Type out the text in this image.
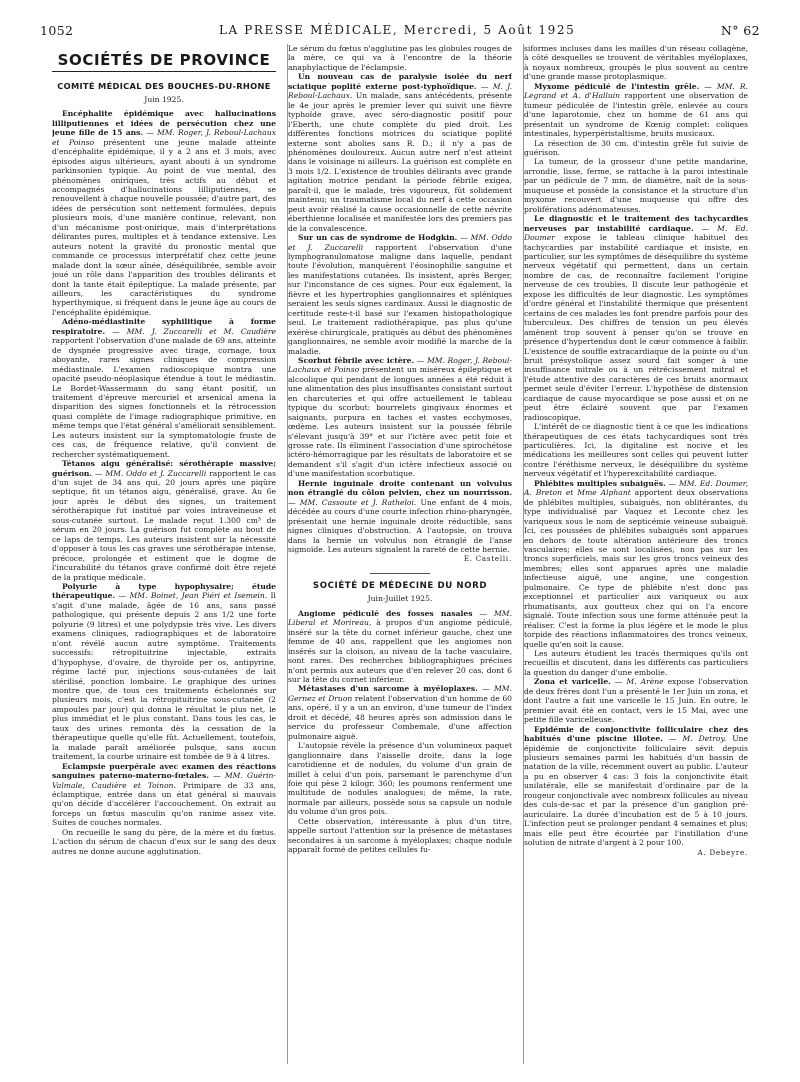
1052	LA PRESSE MÉDICALE, Mercredi, 5 Août 1925	N° 62
SOCIÉTÉS DE PROVINCE
COMITÉ MÉDICAL DES BOUCHES-DU-RHONE
Juin 1925.

Encéphalite épidémique avec hallucinations lilliputiennes et idées de persécution chez une jeune fille de 15 ans. — MM. Roger, J. Reboul-Lachaux et Poinso présentent une jeune malade atteinte d'encéphalite épidémique, il y a 2 ans et 3 mois, avec épisodes aigus ultérieurs, ayant abouti à un syndrome parkinsonien typique. Au point de vue mental, des phénomènes oniriques, très actifs au début et accompagnés d'hallucinations lilliputiennes, se renouvellent à chaque nouvelle poussée; d'autre part, des idées de persécution sont nettement formulées, depuis plusieurs mois, d'une manière continue, relevant, non d'un mécanisme post-onirique, mais d'interprétations délirantes pures, multiples et à tendance extensive. Les auteurs notent la gravité du pronostic mental que commande ce processus interprétatif chez cette jeune malade dont la sœur aînée, déséquilibrée, semble avoir joué un rôle dans l'apparition des troubles délirants et dont la tante était épileptique. La malade présente, par ailleurs, les caractéristiques du syndrome hyperthymique, si fréquent dans le jeune âge au cours de l'encéphalite épidémique.

Adéno-médiastinite syphilitique à forme respiratoire. — MM. J. Zuccarelli et M. Caudière rapportent l'observation d'une malade de 69 ans, atteinte de dyspnée progressive avec tirage, cornage, toux aboyante, rares signes cliniques de compression médiastinale. L'examen radioscopique montra une opacité pseudo-néoplasique étendue à tout le médiastin. Le Bordet-Wassermann du sang étant positif, un traitement d'épreuve mercuriel et arsenical amena la disparition des signes fonctionnels et la rétrocession quasi complète de l'image radiographique primitive, en même temps que l'état général s'améliorait sensiblement. Les auteurs insistent sur la symptomatologie fruste de ces cas, de fréquence relative, qu'il convient de rechercher systématiquement.

Tétanos aigu généralisé: sérothérapie massive; guérison. — MM. Oddo et J. Zuccarelli rapportent le cas d'un sujet de 34 ans qui, 20 jours après une piqûre septique, fit un tétanos aigu, généralisé, grave. Au 6e jour après le début des signes, un traitement sérothérapique fut institué par voies intraveineuse et sous-cutanée surtout. Le malade reçut 1.300 cm³ de sérum en 20 jours. La guérison fut complète au bout de ce laps de temps. Les auteurs insistent sur la nécessité d'opposer à tous les cas graves une sérothérapie intense, précoce, prolongée et estiment que le dogme de l'incurabilité du tétanos grave confirmé doit être rejeté de la pratique médicale.

Polyurie à type hypophysaire; étude thérapeutique. — MM. Boinet, Jean Piéri et Isemein. Il s'agit d'une malade, âgée de 16 ans, sans passé pathologique, qui présente depuis 2 ans 1/2 une forte polyurie (9 litres) et une polydypsie très vive. Les divers examens cliniques, radiographiques et de laboratoire n'ont révélé aucun autre symptôme. Traitements successifs: rétropituitrine injectable, extraits d'hypophyse, d'ovaire, de thyroïde per os, antipyrine, régime lacté pur, injections sous-cutanées de lait stérilisé, ponction lombaire. Le graphique des urines montre que, de tous ces traitements échelonnés sur plusieurs mois, c'est la rétropituitrine sous-cutanée (2 ampoules par jour) qui donna le résultat le plus net, le plus immédiat et le plus constant. Dans tous les cas, le taux des urines remonta dès la cessation de la thérapeutique quelle qu'elle fût. Actuellement, toutefois, la malade paraît améliorée pulsque, sans aucun traitement, la courbe urinaire est tombée de 9 à 4 litres.

Eclampsie puerpérale avec examen des réactions sanguines paterno-materno-fœtales. — MM. Guérin-Valmale, Caudière et Toinon. Primipare de 33 ans, éclamptique, entrée dans un état général si mauvais qu'on décide d'accélérer l'accouchement. On extrait au forceps un fœtus masculin qu'on ranime assez vite. Suites de couches normales.

On recueille le sang du père, de la mère et du fœtus. L'action du sérum de chacun d'eux sur le sang des deux autres ne donne aucune agglutination.

Le sérum du fœtus n'agglutine pas les globules rouges de la mère, ce qui va à l'encontre de la théorie anaphylactique de l'éclampsie.

Un nouveau cas de paralysie isolée du nerf sciatique poplité externe post-typhoïdique. — M. J. Reboul-Lachaux. Un malade, sans antécédents, présente le 4e jour après le premier lever qui suivit une fièvre typhoïde grave, avec séro-diagnostic positif pour l'Eberth, une chute complète du pied droit. Les différentes fonctions motrices du sciatique poplité externe sont abolies sans R. D.; il n'y a pas de phénomènes douloureux. Aucun autre nerf n'est atteint dans le voisinage ni ailleurs. La guérison est complète en 3 mois 1/2. L'existence de troubles délirants avec grande agitation motrice pendant la période fébrile exigea, paraît-il, que le malade, très vigoureux, fût solidement maintenu; un traumatisme local du nerf à cette occasion peut avoir réalisé la cause occasionnelle de cette névrite éberthienne localisée et manifestée lors des premiers pas de la convalescence.

Sur un cas de syndrome de Hodgkin. — MM. Oddo et J. Zuccarelli rapportent l'observation d'une lymphogranulomatose maligne dans laquelle, pendant toute l'évolution, manquèrent l'éosinophilie sanguine et les manifestations cutanées. Ils insistent, après Berger, sur l'inconstance de ces signes. Pour eux également, la fièvre et les hypertrophies ganglionnaires et spléniques seraient les seuls signes cardinaux. Aussi le diagnostic de certitude reste-t-il basé sur l'examen histopathologique seul. Le traitement radiothérapique, pas plus qu'une exérèse chirurgicale, pratiqués au début des phénomènes ganglionnaires, ne semble avoir modifié la marche de la maladie.

Scorbut fébrile avec ictère. — MM. Roger, J. Reboul-Lachaux et Poinso présentent un miséreux épileptique et alcoolique qui pendant de longues années a été réduit à une alimentation des plus insuffisantes consistant surtout en charcuteries et qui offre actuellement le tableau typique du scorbut: bourrelets gingivaux énormes et saignants, purpura en taches et vastes ecchymoses, œdème. Les auteurs insistent sur la poussée fébrile s'élevant jusqu'à 39° et sur l'ictère avec petit foie et grosse rate. Ils éliminent l'association d'une spirochétose ictéro-hémorragique par les résultats de laboratoire et se demandent s'il s'agit d'un ictère infectieux associé ou d'une manifestation scorbutique.

Hernie inguinale droite contenant un volvulus non étranglé du côlon pelvien, chez un nourrisson. — MM. Cassoute et J. Ratheloi. Une enfant de 4 mois, décédée au cours d'une courte infection rhino-pharyngée, présentait une hernie inguinale droite réductible, sans signes cliniques d'obstruction. A l'autopsie, on trouva dans la hernie un volvulus non étranglé de l'anse sigmoïde. Les auteurs signalent la rareté de cette hernie.

E. Castelli.
SOCIÉTÉ DE MÉDECINE DU NORD
Juin-Juillet 1925.

Angiome pédiculé des fosses nasales — MM. Liberal et Morireau, à propos d'un angiome pédiculé, inséré sur la tête du cornet inférieur gauche, chez une femme de 40 ans, rappellent que les angiomes non insérés sur la cloison, au niveau de la tache vasculaire, sont rares. Des recherches bibliographiques précises n'ont permis aux auteurs que d'en relever 20 cas, dont 6 sur la tête du cornet inférieur.

Métastases d'un sarcome à myéloplaxes. — MM. Gernez et Druon relatent l'observation d'un homme de 60 ans, opéré, il y a un an environ, d'une tumeur de l'index droit et décédé, 48 heures après son admission dans le service du professeur Combemale, d'une affection pulmonaire aiguë.

L'autopsie révèle la présence d'un volumineux paquet ganglionnaire dans l'aisselle droite, dans la loge carotidienne et de nodules, du volume d'un grain de millet à celui d'un pois, parsemant le parenchyme d'un foie qui pèse 2 kilogr. 360; les poumons renferment une multitude de nodules analogues; de même, la rate, normale par ailleurs, possède sous sa capsule un nodule du volume d'un gros pois.

Cette observation, intéressante à plus d'un titre, appelle surtout l'attention sur la présence de métastases secondaires à un sarcome à myéloplaxes; chaque nodule apparaît formé de petites cellules fu-

siformes incluses dans les mailles d'un réseau collagène, à côté desquelles se trouvent de véritables myéloplaxes, à noyaux nombreux, groupés le plus souvent au centre d'une grande masse protoplasmique.

Myxome pédiculé de l'intestin grêle. — MM. R. Legrand et A. d'Halluin rapportent une observation de tumeur pédiculée de l'intestin grêle, enlevée au cours d'une laparotomie, chez un homme de 61 ans qui présentait un syndrome de Kœnig complet: coliques intestinales, hyperpéristaltisme, bruits musicaux.

La résection de 30 cm. d'intestin grêle fut suivie de guérison.

La tumeur, de la grosseur d'une petite mandarine, arrondie, lisse, ferme, se rattache à la paroi intestinale par un pédicule de 7 mm. de diamètre, naît de la sous-muqueuse et possède la consistance et la structure d'un myxome recouvert d'une muqueuse qui offre des proliférations adénomateuses.

Le diagnostic et le traitement des tachycardies nerveuses par instabilité cardiaque. — M. Ed. Doumer expose le tableau clinique habituel des tachycardies par instabilité cardiaque et insiste, en particulier, sur les symptômes de déséquilibre du système nerveux végétatif qui permettent, dans un certain nombre de cas, de reconnaître facilement l'origine nerveuse de ces troubles. Il discute leur pathogénie et expose les difficultés de leur diagnostic. Les symptômes d'ordre général et l'instabilité thermique que présentent certains de ces malades les font prendre parfois pour des tuberculeux. Des chiffres de tension un peu élevés amènent trop souvent à penser qu'on se trouve en présence d'hypertendus dont le cœur commence à faiblir. L'existence de souffle extracardiaque de la pointe ou d'un bruit présystolique assez sourd fait songer à une insuffisance mitrale ou à un rétrécissement mitral et l'étude attentive des caractères de ces bruits anormaux permet seule d'éviter l'erreur. L'hypothèse de distension cardiaque de cause myocardique se pose aussi et on ne peut être éclairé souvent que par l'examen radioscopique.

L'intérêt de ce diagnostic tient à ce que les indications thérapeutiques de ces états tachycardiques sont très particulières. Ici, la digitaline est nocive et les médications les meilleures sont celles qui peuvent lutter contre l'éréthisme nerveux, le déséquilibre du système nerveux végétatif et l'hyperexcitabilité cardiaque.

Phlébites multiples subaiguës. — MM. Ed. Doumer, A. Breton et Mme Alphant apportent deux observations de phlébites multiples, subaiguës, non oblitérantes, du type individualisé par Vaquez et Leconte chez les variqueux sous le nom de septicémie veineuse subaiguë. Ici, ces poussées de phlébites subaiguës sont apparues en dehors de toute altération antérieure des troncs vasculaires; elles se sont localisées, non pas sur les troncs superficiels, mais sur les gros troncs veineux des membres; elles sont apparues après une maladie infectieuse aiguë, une angine, une congestion pulmonaire. Ce type de phlébite n'est donc pas exceptionnel et particulier aux variqueux ou aux rhumatisants, aux goutteux chez qui on l'a encore signalé. Toute infection sous une forme atténuée peut la réaliser. C'est la forme la plus légère et le mode le plus torpide des réactions inflammatoires des troncs veineux, quelle qu'en soit la cause.

Les auteurs étudient les tracés thermiques qu'ils ont recueillis et discutent, dans les différents cas particuliers la question du danger d'une embolie.

Zona et varicelle. — M. Arène expose l'observation de deux frères dont l'un a présenté le 1er Juin un zona, et dont l'autre a fait une varicelle le 15 Juin. En outre, le premier avait été en contact, vers le 15 Mai, avec une petite fille varicelleuse.

Epidémie de conjonctivite folliculaire chez des habitués d'une piscine illotee. — M. Detroy. Une épidémie de conjonctivite folliculaire sévit depuis plusieurs semaines parmi les habitués d'un bassin de natation de la ville, récemment ouvert au public. L'auteur a pu en observer 4 cas: 3 fois la conjonctivite était unilatérale, elle se manifestait d'ordinaire par de la rougeur conjonctivale avec nombreux follicules au niveau des culs-de-sac et par la présence d'un ganglion pré-auriculaire. La durée d'incubation est de 5 à 10 jours. L'infection peut se prolonger pendant 4 semaines et plus; mais elle peut être écourtée par l'instillation d'une solution de nitrate d'argent à 2 pour 100.

A. Debeyre.
